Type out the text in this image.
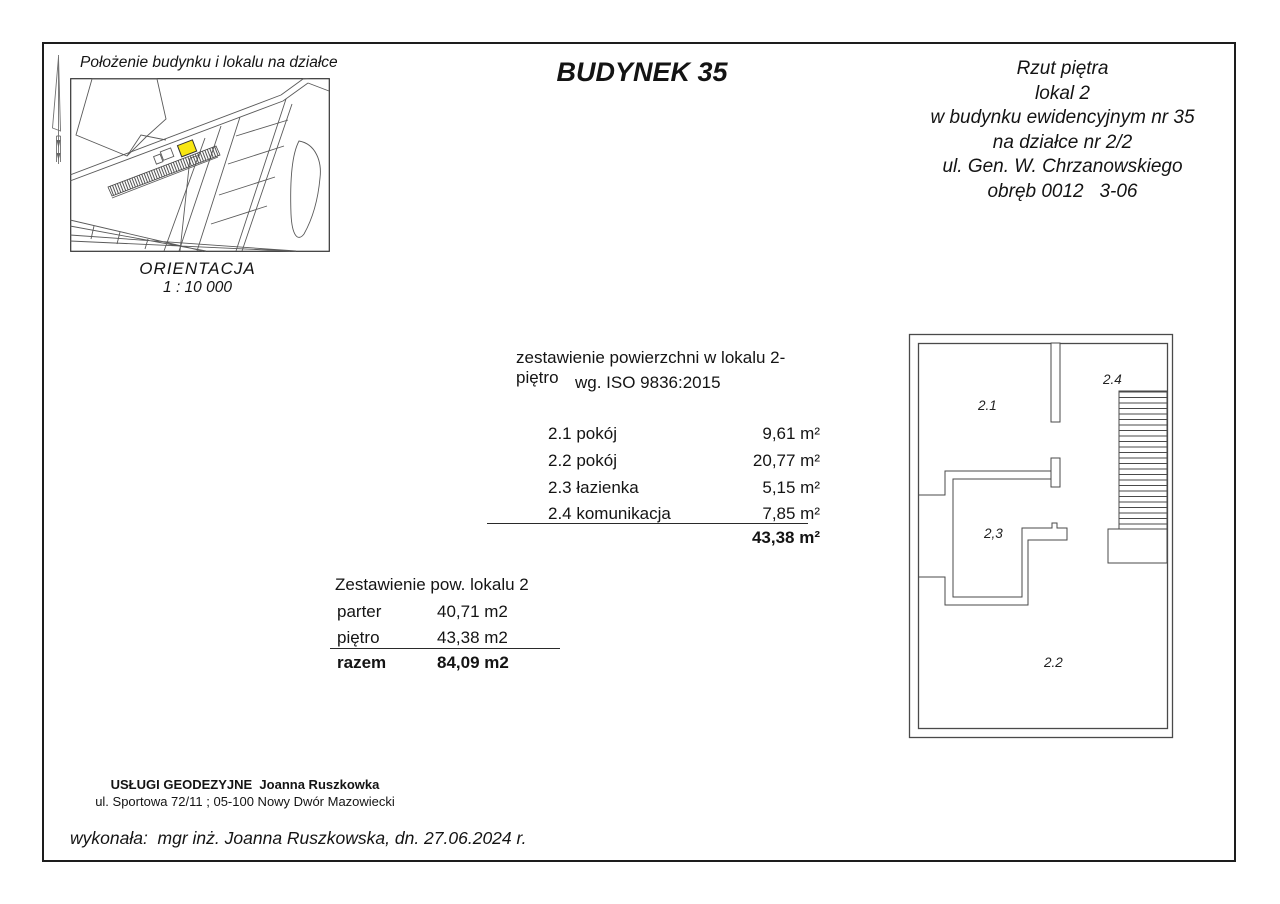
Położenie budynku i lokalu na działce
ORIENTACJA
1 : 10 000
BUDYNEK 35	Rzut piętra
lokal 2
w budynku ewidencyjnym nr 35
na działce nr 2/2
ul. Gen. W. Chrzanowskiego
obręb 0012   3-06
zestawienie powierzchni w lokalu 2-piętro wg. ISO 9836:2015
2.1 pokój	9,61 m²
2.2 pokój	20,77 m²
2.3 łazienka	5,15 m²
2.4 komunikacja	7,85 m²
43,38 m²
Zestawienie pow. lokalu 2
parter	40,71 m2
piętro	43,38 m2
razem	84,09 m2
2.1
2.4
2,3
2.2
USŁUGI GEODEZYJNE  Joanna Ruszkowka
ul. Sportowa 72/11 ; 05-100 Nowy Dwór Mazowiecki
wykonała:  mgr inż. Joanna Ruszkowska, dn. 27.06.2024 r.
